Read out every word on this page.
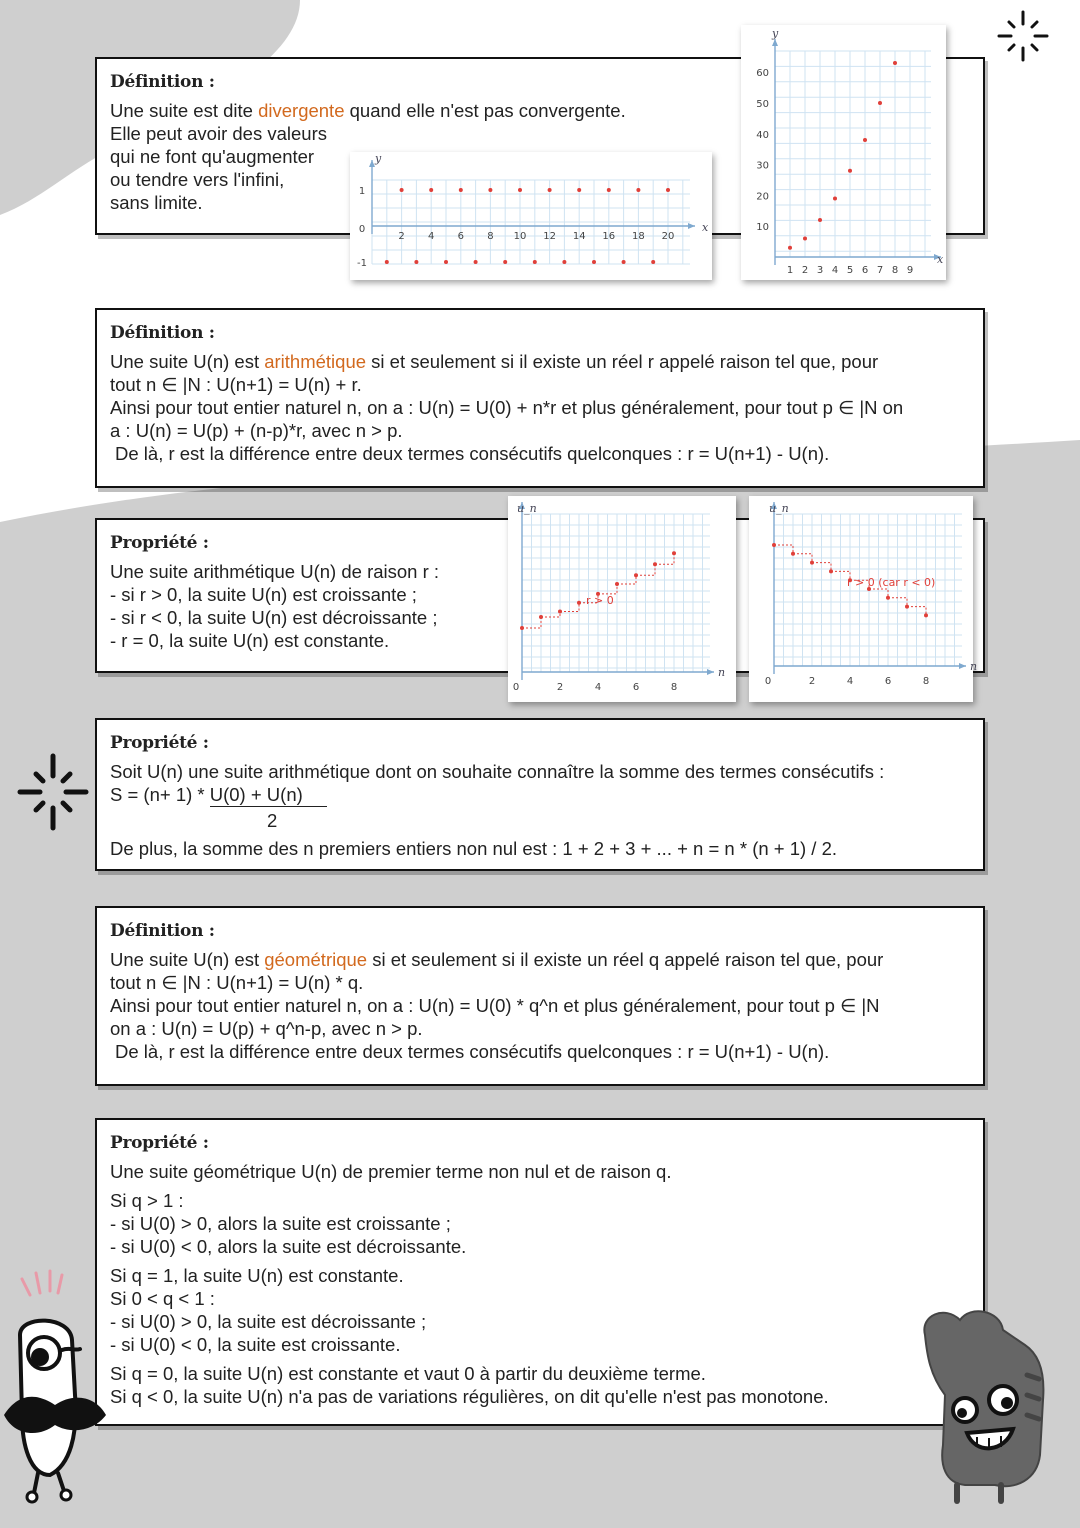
Définition :
Une suite est dite divergente quand elle n'est pas convergente.
Elle peut avoir des valeurs
qui ne font qu'augmenter
ou tendre vers l'infini,
sans limite.
x
y
1
0
-1
2 4 6 8 10 12 14 16 18 20
x
y
10
20
30
40
50
60
1 2 3 4 5 6 7 8 9
Définition :
Une suite U(n) est arithmétique si et seulement si il existe un réel r appelé raison tel que, pour
tout n ∈ |N : U(n+1) = U(n) + r.
Ainsi pour tout entier naturel n, on a : U(n) = U(0) + n*r et plus généralement, pour tout p ∈ |N on
a : U(n) = U(p) + (n-p)*r, avec n > p.
De là, r est la différence entre deux termes consécutifs quelconques : r = U(n+1) - U(n).
Propriété :
Une suite arithmétique U(n) de raison r :
- si r > 0, la suite U(n) est croissante ;
- si r < 0, la suite U(n) est décroissante ;
- r = 0, la suite U(n) est constante.
n
u_n
0	2	4	6	8
r > 0
n
u_n
0	2	4	6	8
r > 0 (car r < 0)
Propriété :
Soit U(n) une suite arithmétique dont on souhaite connaître la somme des termes consécutifs :
S = (n+ 1) * U(0) + U(n)
2
De plus, la somme des n premiers entiers non nul est : 1 + 2 + 3 + ... + n = n * (n + 1) / 2.
Définition :
Une suite U(n) est géométrique si et seulement si il existe un réel q appelé raison tel que, pour
tout n ∈ |N : U(n+1) = U(n) * q.
Ainsi pour tout entier naturel n, on a : U(n) = U(0) * q^n et plus généralement, pour tout p ∈ |N
on a : U(n) = U(p) + q^n-p, avec n > p.
De là, r est la différence entre deux termes consécutifs quelconques : r = U(n+1) - U(n).
Propriété :
Une suite géométrique U(n) de premier terme non nul et de raison q.
Si q > 1 :
- si U(0) > 0, alors la suite est croissante ;
- si U(0) < 0, alors la suite est décroissante.
Si q = 1, la suite U(n) est constante.
Si 0 < q < 1 :
- si U(0) > 0, la suite est décroissante ;
- si U(0) < 0, la suite est croissante.
Si q = 0, la suite U(n) est constante et vaut 0 à partir du deuxième terme.
Si q < 0, la suite U(n) n'a pas de variations régulières, on dit qu'elle n'est pas monotone.
